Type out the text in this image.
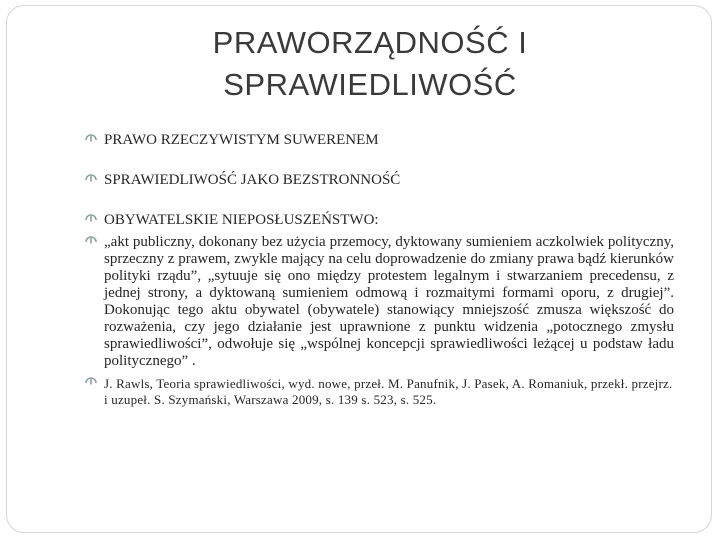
PRAWORZĄDNOŚĆ I
SPRAWIEDLIWOŚĆ
PRAWO RZECZYWISTYM SUWERENEM
SPRAWIEDLIWOŚĆ JAKO BEZSTRONNOŚĆ
OBYWATELSKIE NIEPOSŁUSZEŃSTWO:
„akt publiczny, dokonany bez użycia przemocy, dyktowany sumieniem aczkolwiek polityczny, sprzeczny z prawem, zwykle mający na celu doprowadzenie do zmiany prawa bądź kierunków polityki rządu”, „sytuuje się ono między protestem legalnym i stwarzaniem precedensu, z jednej strony, a dyktowaną sumieniem odmową i rozmaitymi formami oporu, z drugiej”. Dokonując tego aktu obywatel (obywatele) stanowiący mniejszość zmusza większość do rozważenia, czy jego działanie jest uprawnione z punktu widzenia „potocznego zmysłu sprawiedliwości”, odwołuje się „wspólnej koncepcji sprawiedliwości leżącej u podstaw ładu politycznego” .
J. Rawls, Teoria sprawiedliwości, wyd. nowe, przeł. M. Panufnik, J. Pasek, A. Romaniuk, przekł. przejrz. i uzupeł. S. Szymański, Warszawa 2009, s. 139 s. 523, s. 525.
